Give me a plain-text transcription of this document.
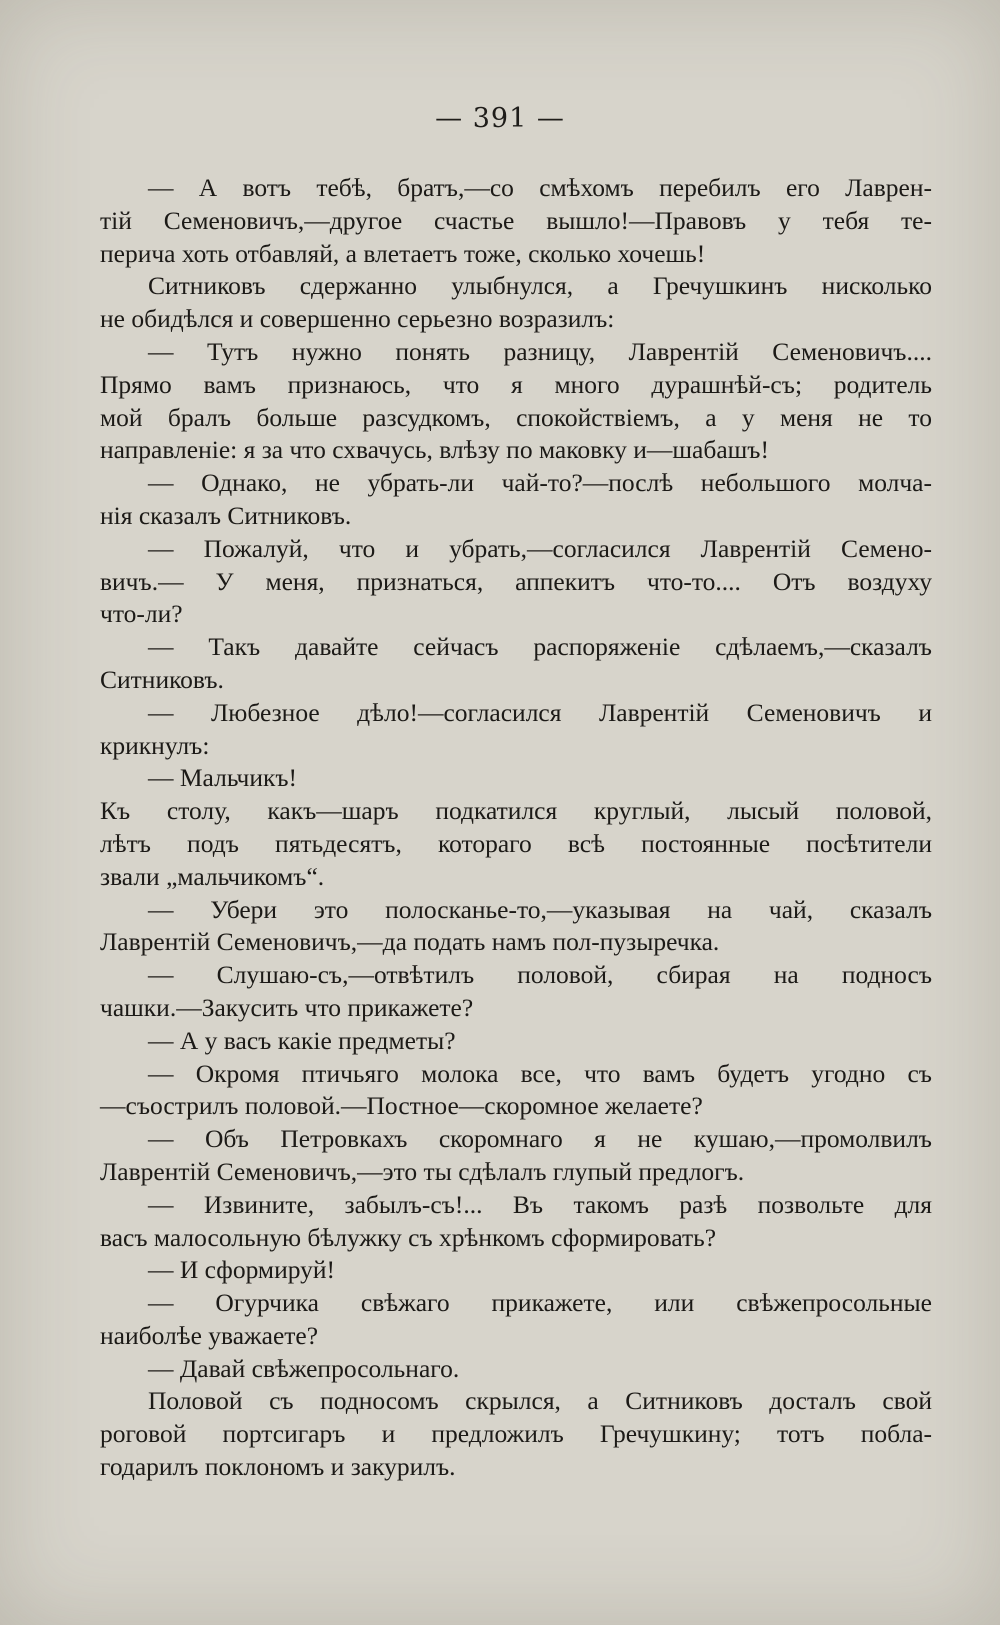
— 391 —
— А вотъ тебѣ, братъ,—со смѣхомъ перебилъ его Лаврен-
тій Семеновичъ,—другое счастье вышло!—Правовъ у тебя те-
перича хоть отбавляй, а влетаетъ тоже, сколько хочешь!
Ситниковъ сдержанно улыбнулся, а Гречушкинъ нисколько
не обидѣлся и совершенно серьезно возразилъ:
— Тутъ нужно понять разницу, Лаврентій Семеновичъ....
Прямо вамъ признаюсь, что я много дурашнѣй-съ; родитель
мой бралъ больше разсудкомъ, спокойствіемъ, а у меня не то
направленіе: я за что схвачусь, влѣзу по маковку и—шабашъ!
— Однако, не убрать-ли чай-то?—послѣ небольшого молча-
нія сказалъ Ситниковъ.
— Пожалуй, что и убрать,—согласился Лаврентій Семено-
вичъ.— У меня, признаться, аппекитъ что-то.... Отъ воздуху
что-ли?
— Такъ давайте сейчасъ распоряженіе сдѣлаемъ,—сказалъ
Ситниковъ.
— Любезное дѣло!—согласился Лаврентій Семеновичъ и
крикнулъ:
— Мальчикъ!
Къ столу, какъ—шаръ подкатился круглый, лысый половой,
лѣтъ подъ пятьдесятъ, котораго всѣ постоянные посѣтители
звали „мальчикомъ“.
— Убери это полосканье-то,—указывая на чай, сказалъ
Лаврентій Семеновичъ,—да подать намъ пол-пузыречка.
— Слушаю-съ,—отвѣтилъ половой, сбирая на подносъ
чашки.—Закусить что прикажете?
— А у васъ какіе предметы?
— Окромя птичьяго молока все, что вамъ будетъ угодно съ
—съострилъ половой.—Постное—скоромное желаете?
— Объ Петровкахъ скоромнаго я не кушаю,—промолвилъ
Лаврентій Семеновичъ,—это ты сдѣлалъ глупый предлогъ.
— Извините, забылъ-съ!... Въ такомъ разѣ позвольте для
васъ малосольную бѣлужку съ хрѣнкомъ сформировать?
— И сформируй!
— Огурчика свѣжаго прикажете, или свѣжепросольные
наиболѣе уважаете?
— Давай свѣжепросольнаго.
Половой съ подносомъ скрылся, а Ситниковъ досталъ свой
роговой портсигаръ и предложилъ Гречушкину; тотъ побла-
годарилъ поклономъ и закурилъ.
